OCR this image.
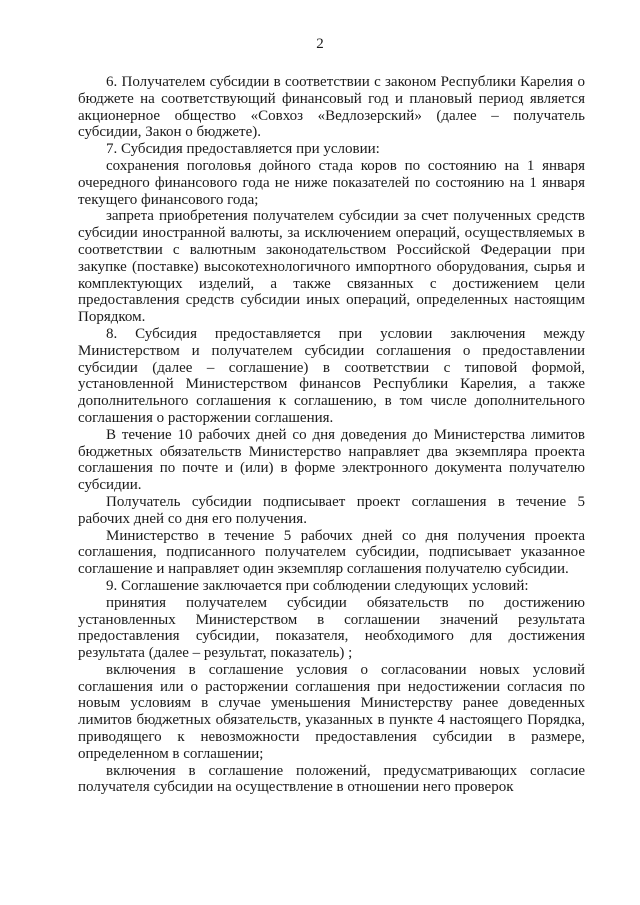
2

6. Получателем субсидии в соответствии с законом Республики Карелия о бюджете на соответствующий финансовый год и плановый период является акционерное общество «Совхоз «Ведлозерский» (далее – получатель субсидии, Закон о бюджете).

7. Субсидия предоставляется при условии:

сохранения поголовья дойного стада коров по состоянию на 1 января очередного финансового года не ниже показателей по состоянию на 1 января текущего финансового года;

запрета приобретения получателем субсидии за счет полученных средств субсидии иностранной валюты, за исключением операций, осуществляемых в соответствии с валютным законодательством Российской Федерации при закупке (поставке) высокотехнологичного импортного оборудования, сырья и комплектующих изделий, а также связанных с достижением цели предоставления средств субсидии иных операций, определенных настоящим Порядком.

8. Субсидия предоставляется при условии заключения между Министерством и получателем субсидии соглашения о предоставлении субсидии (далее – соглашение) в соответствии с типовой формой, установленной Министерством финансов Республики Карелия, а также дополнительного соглашения к соглашению, в том числе дополнительного соглашения о расторжении соглашения.

В течение 10 рабочих дней со дня доведения до Министерства лимитов бюджетных обязательств Министерство направляет два экземпляра проекта соглашения по почте и (или) в форме электронного документа получателю субсидии.

Получатель субсидии подписывает проект соглашения в течение 5 рабочих дней со дня его получения.

Министерство в течение 5 рабочих дней со дня получения проекта соглашения, подписанного получателем субсидии, подписывает указанное соглашение и направляет один экземпляр соглашения получателю субсидии.

9. Соглашение заключается при соблюдении следующих условий:

принятия получателем субсидии обязательств по достижению установленных Министерством в соглашении значений результата предоставления субсидии, показателя, необходимого для достижения результата (далее – результат, показатель) ;

включения в соглашение условия о согласовании новых условий соглашения или о расторжении соглашения при недостижении согласия по новым условиям в случае уменьшения Министерству ранее доведенных лимитов бюджетных обязательств, указанных в пункте 4 настоящего Порядка, приводящего к невозможности предоставления субсидии в размере, определенном в соглашении;

включения в соглашение положений, предусматривающих согласие получателя субсидии на осуществление в отношении него проверок
